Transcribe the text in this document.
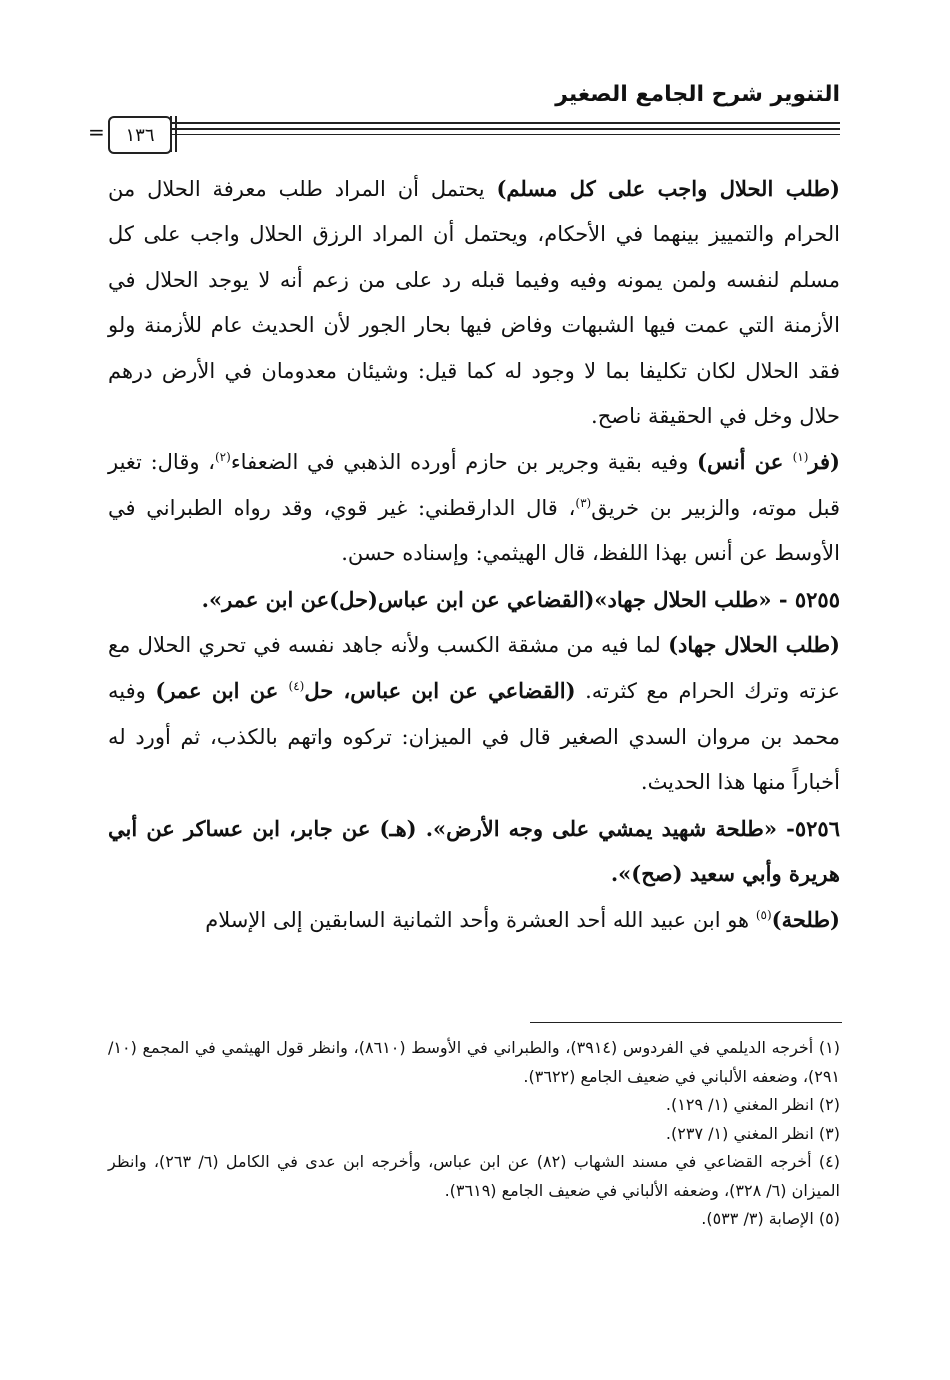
التنوير شرح الجامع الصغير
=	١٣٦

(طلب الحلال واجب على كل مسلم) يحتمل أن المراد طلب معرفة الحلال من الحرام والتمييز بينهما في الأحكام، ويحتمل أن المراد الرزق الحلال واجب على كل مسلم لنفسه ولمن يمونه وفيه وفيما قبله رد على من زعم أنه لا يوجد الحلال في الأزمنة التي عمت فيها الشبهات وفاض فيها بحار الجور لأن الحديث عام للأزمنة ولو فقد الحلال لكان تكليفا بما لا وجود له كما قيل: وشيئان معدومان في الأرض درهم حلال وخل في الحقيقة ناصح.

(فر$^{(١)}$ عن أنس) وفيه بقية وجرير بن حازم أورده الذهبي في الضعفاء$^{(٢)}$، وقال: تغير قبل موته، والزبير بن خريق$^{(٣)}$، قال الدارقطني: غير قوي، وقد رواه الطبراني في الأوسط عن أنس بهذا اللفظ، قال الهيثمي: وإسناده حسن.

٥٢٥٥ - «طلب الحلال جهاد»(القضاعي عن ابن عباس(حل)عن ابن عمر».

(طلب الحلال جهاد) لما فيه من مشقة الكسب ولأنه جاهد نفسه في تحري الحلال مع عزته وترك الحرام مع كثرته. (القضاعي عن ابن عباس، حل$^{(٤)}$ عن ابن عمر) وفيه محمد بن مروان السدي الصغير قال في الميزان: تركوه واتهم بالكذب، ثم أورد له أخباراً منها هذا الحديث.

٥٢٥٦- «طلحة شهيد يمشي على وجه الأرض». (هـ) عن جابر، ابن عساكر عن أبي هريرة وأبي سعيد (صح)».

(طلحة)$^{(٥)}$ هو ابن عبيد الله أحد العشرة وأحد الثمانية السابقين إلى الإسلام

(١) أخرجه الديلمي في الفردوس (٣٩١٤)، والطبراني في الأوسط (٨٦١٠)، وانظر قول الهيثمي في المجمع (١٠/ ٢٩١)، وضعفه الألباني في ضعيف الجامع (٣٦٢٢).

(٢) انظر المغني (١/ ١٢٩).

(٣) انظر المغني (١/ ٢٣٧).

(٤) أخرجه القضاعي في مسند الشهاب (٨٢) عن ابن عباس، وأخرجه ابن عدى في الكامل (٦/ ٢٦٣)، وانظر الميزان (٦/ ٣٢٨)، وضعفه الألباني في ضعيف الجامع (٣٦١٩).

(٥) الإصابة (٣/ ٥٣٣).
